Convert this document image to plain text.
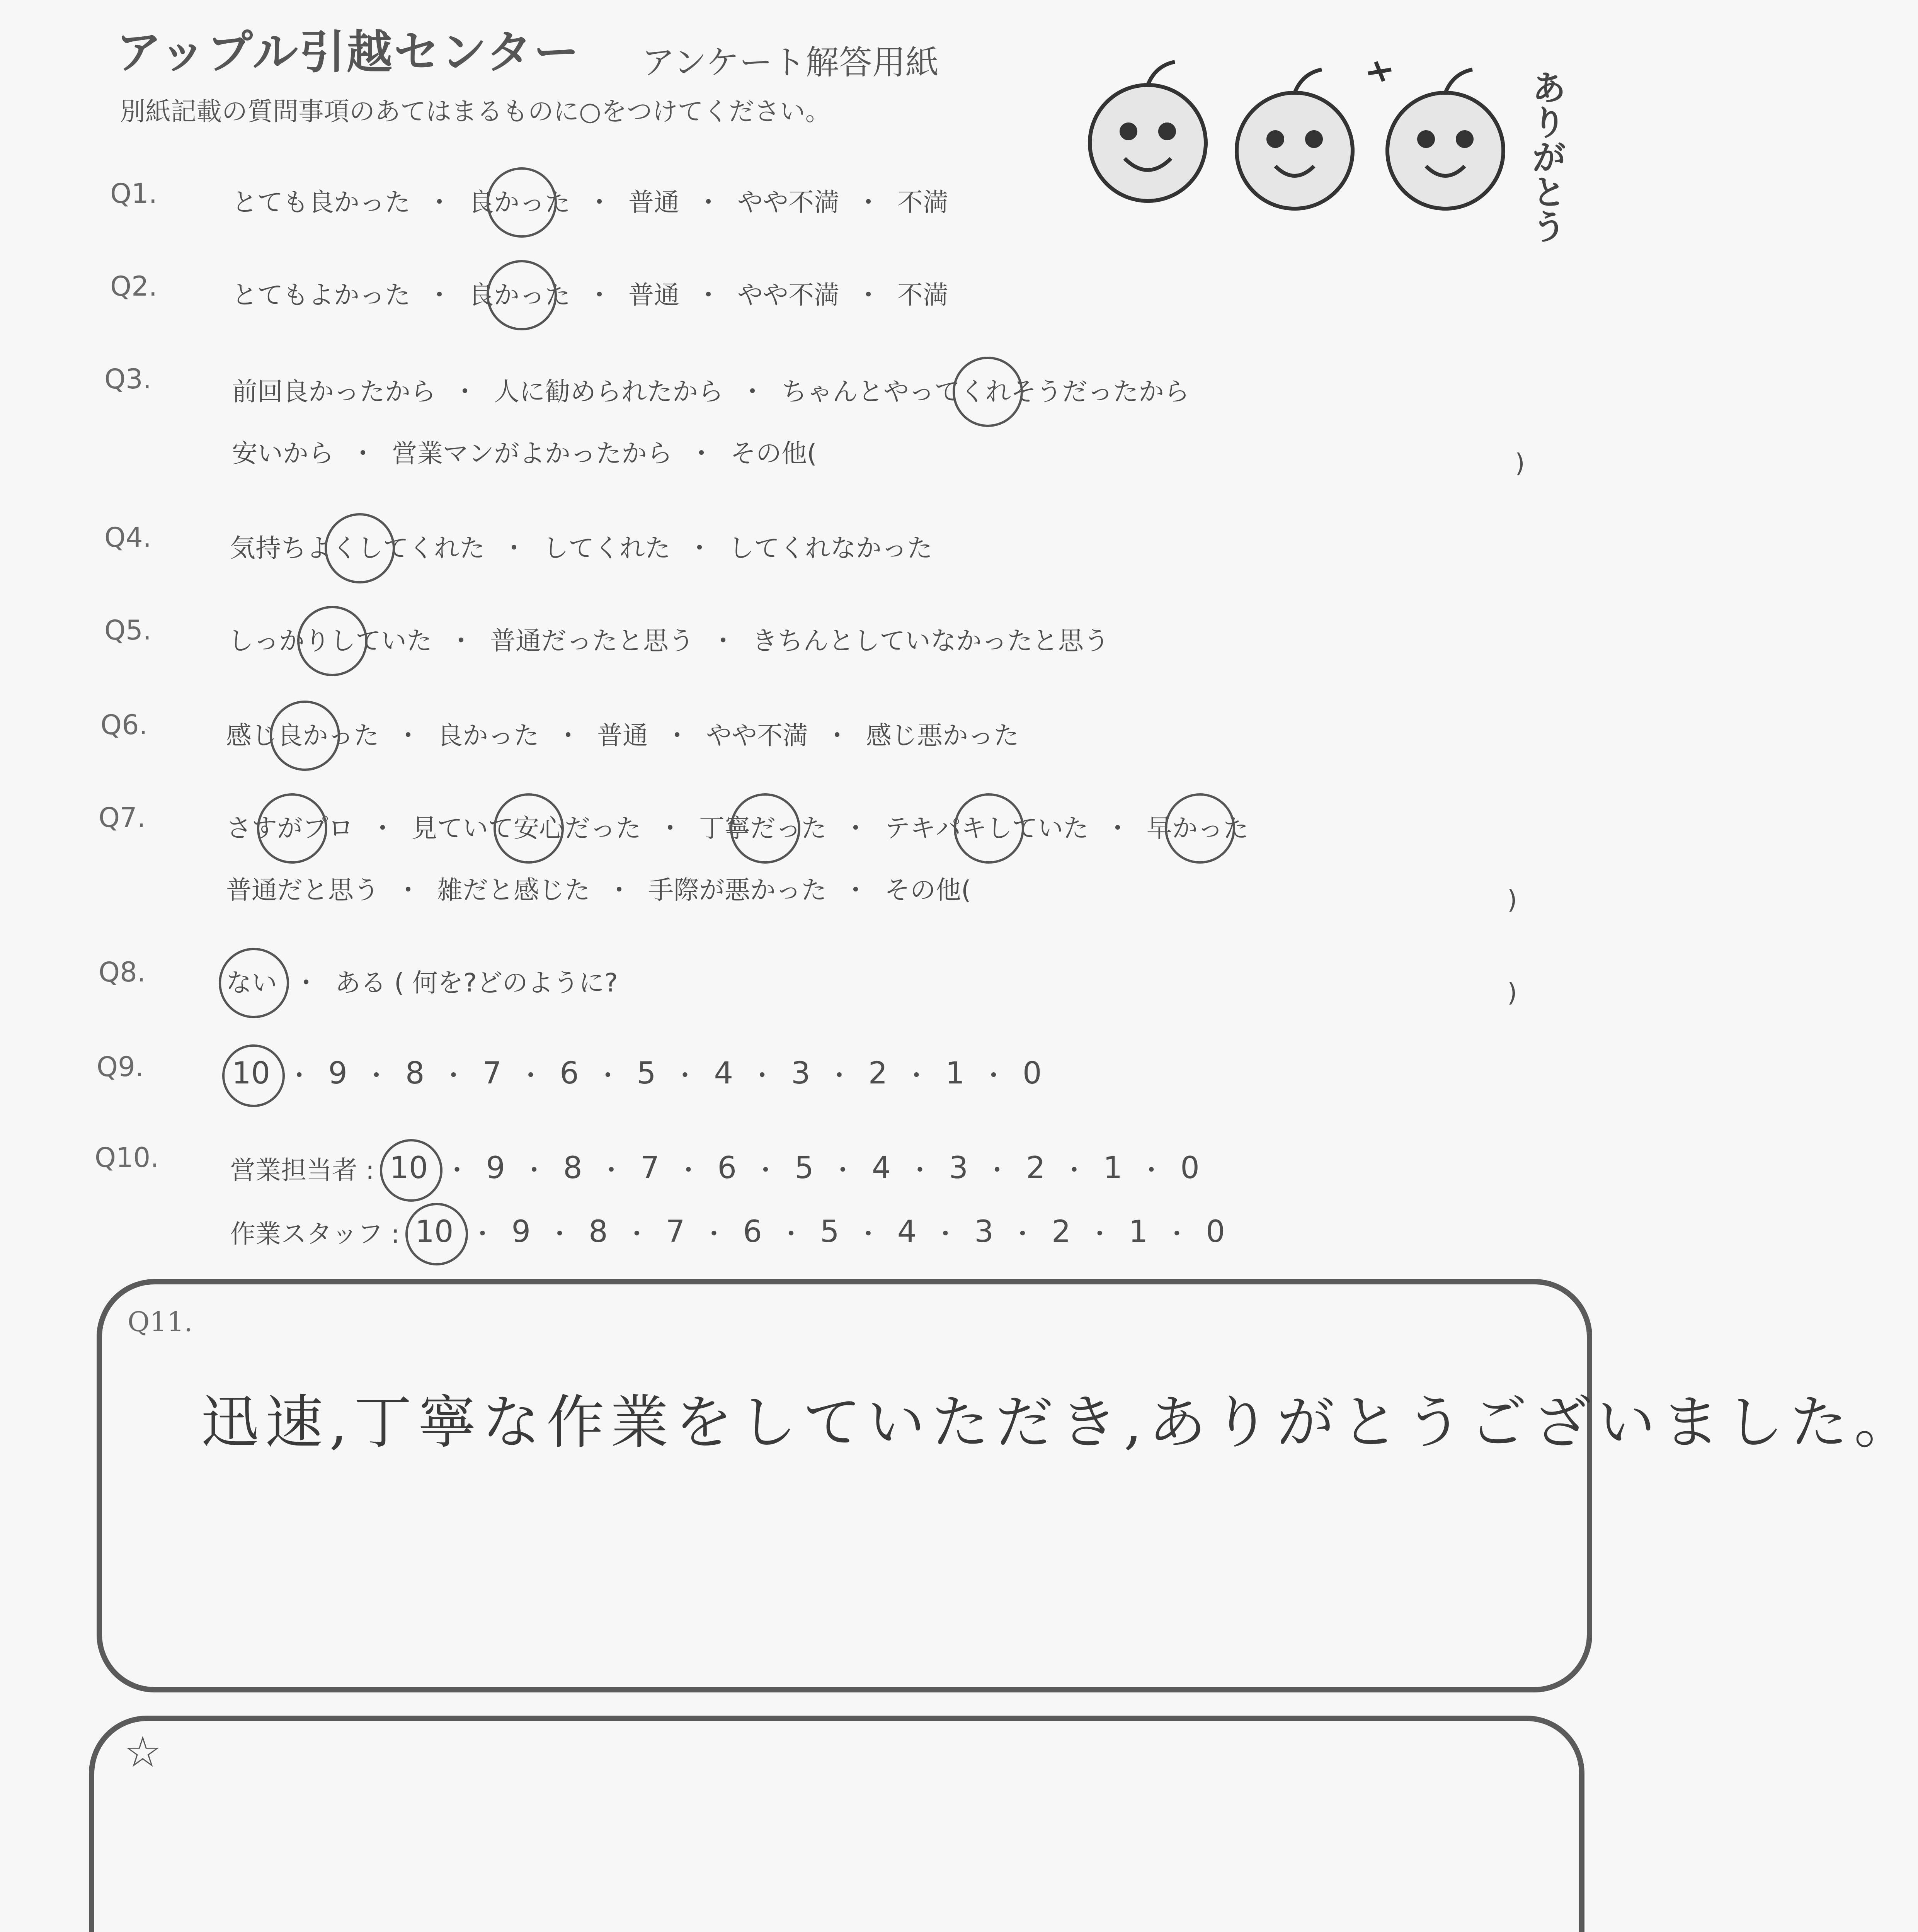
アップル引越センター アンケート解答用紙
別紙記載の質問事項のあてはまるものに○をつけてください。	ありがとう
Q1.	とても良かった ・ 良かった ・ 普通 ・ やや不満 ・ 不満
Q2.	とてもよかった ・ 良かった ・ 普通 ・ やや不満 ・ 不満
Q3.	前回良かったから ・ 人に勧められたから ・ ちゃんとやってくれそうだったから
安いから ・ 営業マンがよかったから ・ その他(	)
Q4.	気持ちよくしてくれた ・ してくれた ・ してくれなかった
Q5.	しっかりしていた ・ 普通だったと思う ・ きちんとしていなかったと思う
Q6.	感じ良かった ・ 良かった ・ 普通 ・ やや不満 ・ 感じ悪かった
Q7.	さすがプロ ・ 見ていて安心だった ・ 丁寧だった ・ テキパキしていた ・ 早かった
普通だと思う ・ 雑だと感じた ・ 手際が悪かった ・ その他(	)
Q8.	ない ・ ある ( 何を?どのように?	)
Q9.	10 ・ 9 ・ 8 ・ 7 ・ 6 ・ 5 ・ 4 ・ 3 ・ 2 ・ 1 ・ 0
Q10.	営業担当者 : 10 ・ 9 ・ 8 ・ 7 ・ 6 ・ 5 ・ 4 ・ 3 ・ 2 ・ 1 ・ 0
作業スタッフ : 10 ・ 9 ・ 8 ・ 7 ・ 6 ・ 5 ・ 4 ・ 3 ・ 2 ・ 1 ・ 0
Q11.
迅速,丁寧な作業をしていただき,ありがとうございました。
☆
